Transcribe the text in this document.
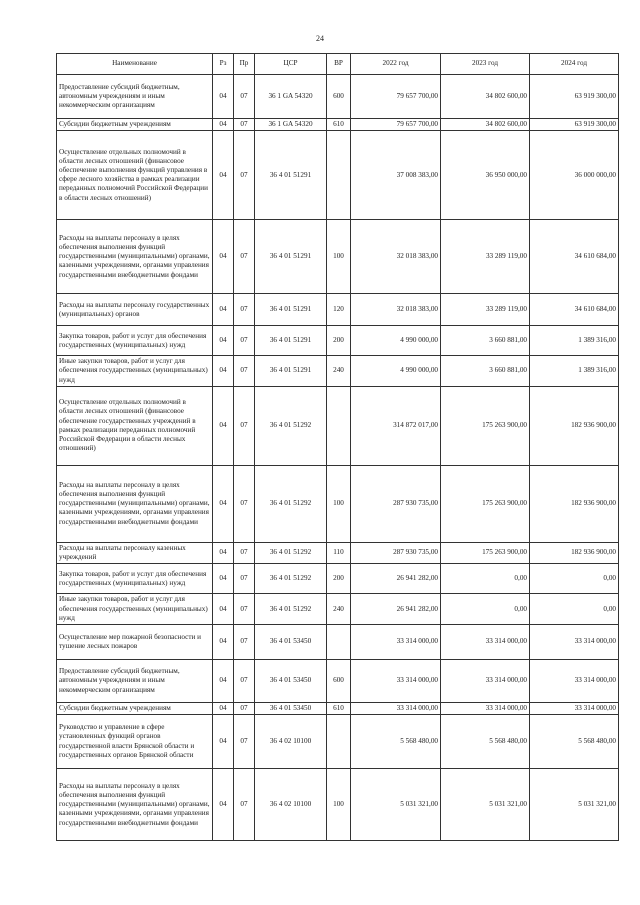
24
Наименование	Рз	Пр	ЦСР	ВР	2022 год	2023 год	2024 год
Предоставление субсидий бюджетным, автономным учреждениям и иным некоммерческим организациям	04	07	36 1 GA 54320	600	79 657 700,00	34 802 600,00	63 919 300,00
Субсидии бюджетным учреждениям	04	07	36 1 GA 54320	610	79 657 700,00	34 802 600,00	63 919 300,00
Осуществление отдельных полномочий в области лесных отношений (финансовое обеспечение выполнения функций управления в сфере лесного хозяйства в рамках реализации переданных полномочий Российской Федерации в области лесных отношений)	04	07	36 4 01 51291		37 008 383,00	36 950 000,00	36 000 000,00
Расходы на выплаты персоналу в целях обеспечения выполнения функций государственными (муниципальными) органами, казенными учреждениями, органами управления государственными внебюджетными фондами	04	07	36 4 01 51291	100	32 018 383,00	33 289 119,00	34 610 684,00
Расходы на выплаты персоналу государственных (муниципальных) органов	04	07	36 4 01 51291	120	32 018 383,00	33 289 119,00	34 610 684,00
Закупка товаров, работ и услуг для обеспечения государственных (муниципальных) нужд	04	07	36 4 01 51291	200	4 990 000,00	3 660 881,00	1 389 316,00
Иные закупки товаров, работ и услуг для обеспечения государственных (муниципальных) нужд	04	07	36 4 01 51291	240	4 990 000,00	3 660 881,00	1 389 316,00
Осуществление отдельных полномочий в области лесных отношений (финансовое обеспечение государственных учреждений в рамках реализации переданных полномочий Российской Федерации в области лесных отношений)	04	07	36 4 01 51292		314 872 017,00	175 263 900,00	182 936 900,00
Расходы на выплаты персоналу в целях обеспечения выполнения функций государственными (муниципальными) органами, казенными учреждениями, органами управления государственными внебюджетными фондами	04	07	36 4 01 51292	100	287 930 735,00	175 263 900,00	182 936 900,00
Расходы на выплаты персоналу казенных учреждений	04	07	36 4 01 51292	110	287 930 735,00	175 263 900,00	182 936 900,00
Закупка товаров, работ и услуг для обеспечения государственных (муниципальных) нужд	04	07	36 4 01 51292	200	26 941 282,00	0,00	0,00
Иные закупки товаров, работ и услуг для обеспечения государственных (муниципальных) нужд	04	07	36 4 01 51292	240	26 941 282,00	0,00	0,00
Осуществление мер пожарной безопасности и тушение лесных пожаров	04	07	36 4 01 53450		33 314 000,00	33 314 000,00	33 314 000,00
Предоставление субсидий бюджетным, автономным учреждениям и иным некоммерческим организациям	04	07	36 4 01 53450	600	33 314 000,00	33 314 000,00	33 314 000,00
Субсидии бюджетным учреждениям	04	07	36 4 01 53450	610	33 314 000,00	33 314 000,00	33 314 000,00
Руководство и управление в сфере установленных функций органов государственной власти Брянской области и государственных органов Брянской области	04	07	36 4 02 10100		5 568 480,00	5 568 480,00	5 568 480,00
Расходы на выплаты персоналу в целях обеспечения выполнения функций государственными (муниципальными) органами, казенными учреждениями, органами управления государственными внебюджетными фондами	04	07	36 4 02 10100	100	5 031 321,00	5 031 321,00	5 031 321,00
